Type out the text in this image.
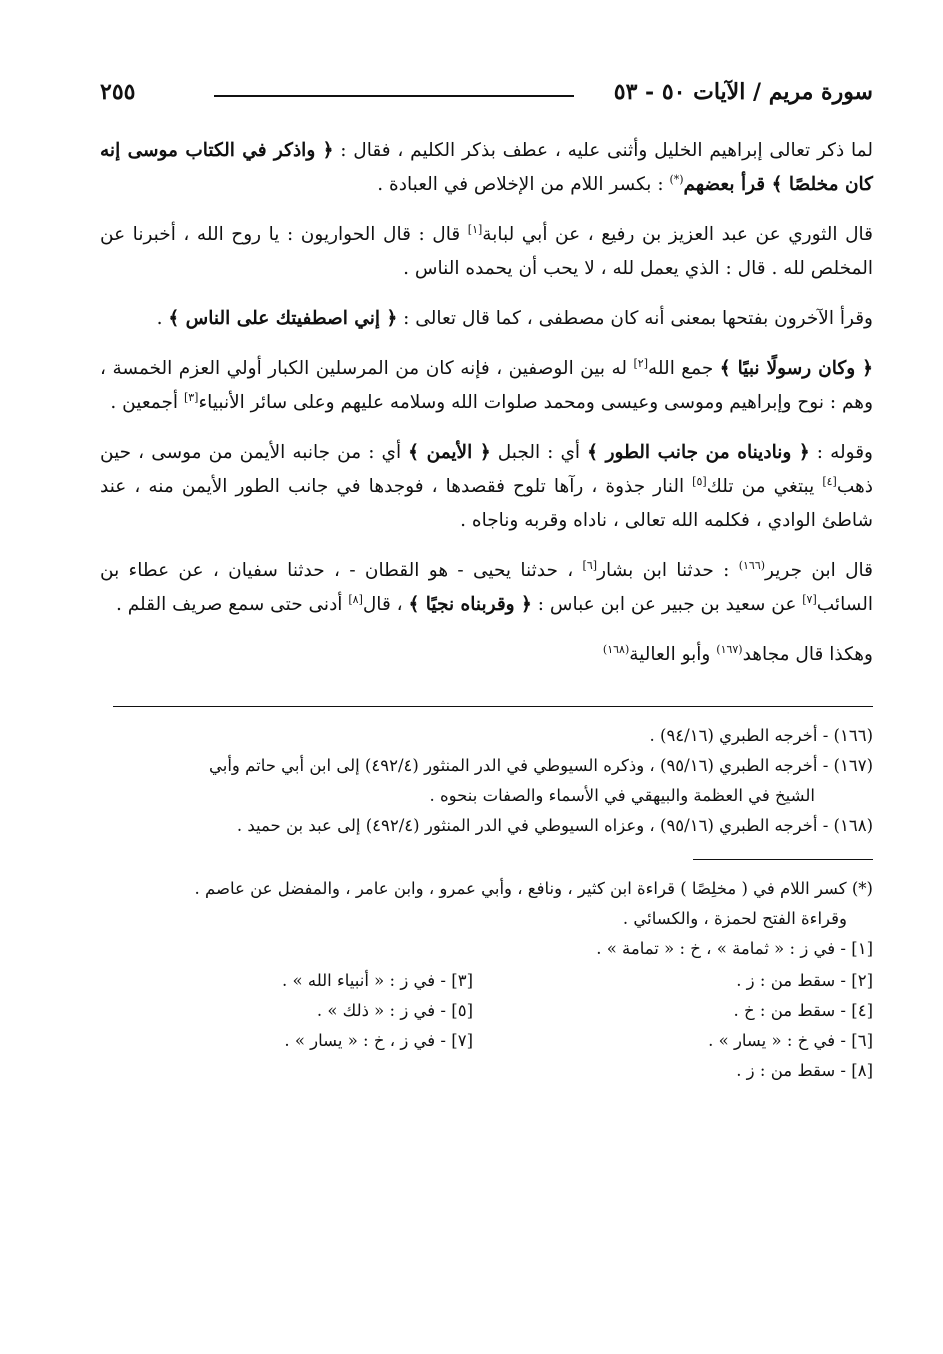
سورة مريم / الآيات ٥٠ - ٥٣
٢٥٥

لما ذكر تعالى إبراهيم الخليل وأثنى عليه ، عطف بذكر الكليم ، فقال : ﴿ واذكر في الكتاب موسى إنه كان مخلصًا ﴾ قرأ بعضهم(*) : بكسر اللام من الإخلاص في العبادة .

قال الثوري عن عبد العزيز بن رفيع ، عن أبي لبابة[١] قال : قال الحواريون : يا روح الله ، أخبرنا عن المخلص لله . قال : الذي يعمل لله ، لا يحب أن يحمده الناس .

وقرأ الآخرون بفتحها بمعنى أنه كان مصطفى ، كما قال تعالى : ﴿ إني اصطفيتك على الناس ﴾ .

﴿ وكان رسولًا نبيًا ﴾ جمع الله[٢] له بين الوصفين ، فإنه كان من المرسلين الكبار أولي العزم الخمسة ، وهم : نوح وإبراهيم وموسى وعيسى ومحمد صلوات الله وسلامه عليهم وعلى سائر الأنبياء[٣] أجمعين .

وقوله : ﴿ وناديناه من جانب الطور ﴾ أي : الجبل ﴿ الأيمن ﴾ أي : من جانبه الأيمن من موسى ، حين ذهب[٤] يبتغي من تلك[٥] النار جذوة ، رآها تلوح فقصدها ، فوجدها في جانب الطور الأيمن منه ، عند شاطئ الوادي ، فكلمه الله تعالى ، ناداه وقربه وناجاه .

قال ابن جرير$^{(١٦٦)}$ : حدثنا ابن بشار[٦] ، حدثنا يحيى - هو القطان - ، حدثنا سفيان ، عن عطاء بن السائب[٧] عن سعيد بن جبير عن ابن عباس : ﴿ وقربناه نجيًا ﴾ ، قال[٨] أدنى حتى سمع صريف القلم .

وهكذا قال مجاهد$^{(١٦٧)}$ وأبو العالية$^{(١٦٨)}$

(١٦٦) - أخرجه الطبري (٩٤/١٦) .

(١٦٧) - أخرجه الطبري (٩٥/١٦) ، وذكره السيوطي في الدر المنثور (٤٩٢/٤) إلى ابن أبي حاتم وأبي
الشيخ في العظمة والبيهقي في الأسماء والصفات بنحوه .

(١٦٨) - أخرجه الطبري (٩٥/١٦) ، وعزاه السيوطي في الدر المنثور (٤٩٢/٤) إلى عبد بن حميد .

(*) كسر اللام في ( مخلِصًا ) قراءة ابن كثير ، ونافع ، وأبي عمرو ، وابن عامر ، والمفضل عن عاصم .
وقراءة الفتح لحمزة ، والكسائي .
[١] - في ز : « ثمامة » ، خ : « تمامة » .
[٢] - سقط من : ز .
[٣] - في ز : « أنبياء الله » .
[٤] - سقط من : خ .
[٥] - في ز : « ذلك » .
[٦] - في خ : « يسار » .
[٧] - في ز ، خ : « يسار » .
[٨] - سقط من : ز .
